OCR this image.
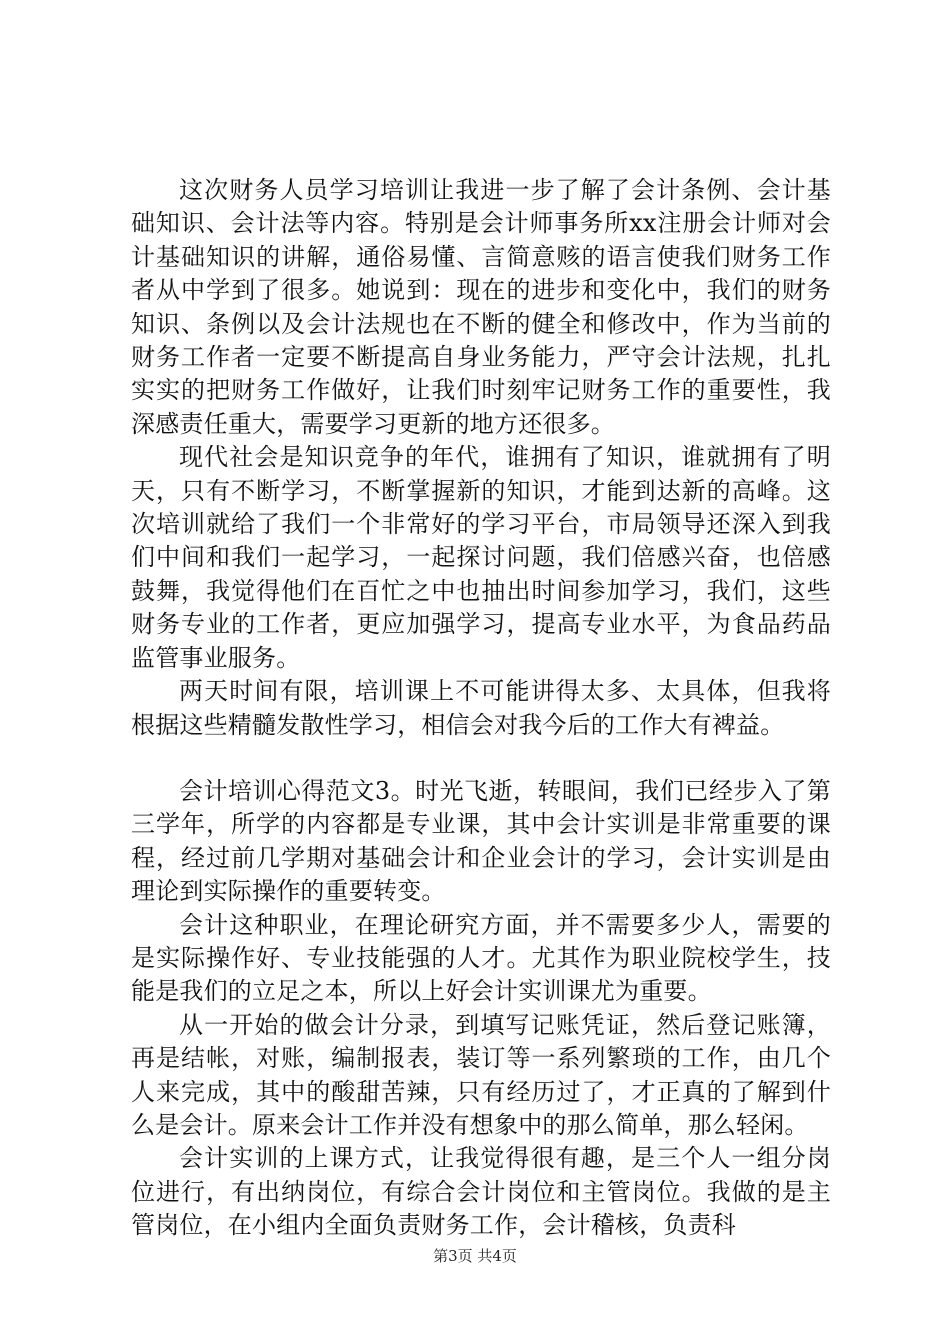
这次财务人员学习培训让我进一步了解了会计条例、会计基础知识、会计法等内容。特别是会计师事务所xx注册会计师对会计基础知识的讲解，通俗易懂、言简意赅的语言使我们财务工作者从中学到了很多。她说到：现在的进步和变化中，我们的财务知识、条例以及会计法规也在不断的健全和修改中，作为当前的财务工作者一定要不断提高自身业务能力，严守会计法规，扎扎实实的把财务工作做好，让我们时刻牢记财务工作的重要性，我深感责任重大，需要学习更新的地方还很多。

现代社会是知识竞争的年代，谁拥有了知识，谁就拥有了明天，只有不断学习，不断掌握新的知识，才能到达新的高峰。这次培训就给了我们一个非常好的学习平台，市局领导还深入到我们中间和我们一起学习，一起探讨问题，我们倍感兴奋，也倍感鼓舞，我觉得他们在百忙之中也抽出时间参加学习，我们，这些财务专业的工作者，更应加强学习，提高专业水平，为食品药品监管事业服务。

两天时间有限，培训课上不可能讲得太多、太具体，但我将根据这些精髓发散性学习，相信会对我今后的工作大有裨益。

会计培训心得范文3。时光飞逝，转眼间，我们已经步入了第三学年，所学的内容都是专业课，其中会计实训是非常重要的课程，经过前几学期对基础会计和企业会计的学习，会计实训是由理论到实际操作的重要转变。

会计这种职业，在理论研究方面，并不需要多少人，需要的是实际操作好、专业技能强的人才。尤其作为职业院校学生，技能是我们的立足之本，所以上好会计实训课尤为重要。

从一开始的做会计分录，到填写记账凭证，然后登记账簿，再是结帐，对账，编制报表，装订等一系列繁琐的工作，由几个人来完成，其中的酸甜苦辣，只有经历过了，才正真的了解到什么是会计。原来会计工作并没有想象中的那么简单，那么轻闲。

会计实训的上课方式，让我觉得很有趣，是三个人一组分岗位进行，有出纳岗位，有综合会计岗位和主管岗位。我做的是主管岗位，在小组内全面负责财务工作，会计稽核，负责科

第3页 共4页
